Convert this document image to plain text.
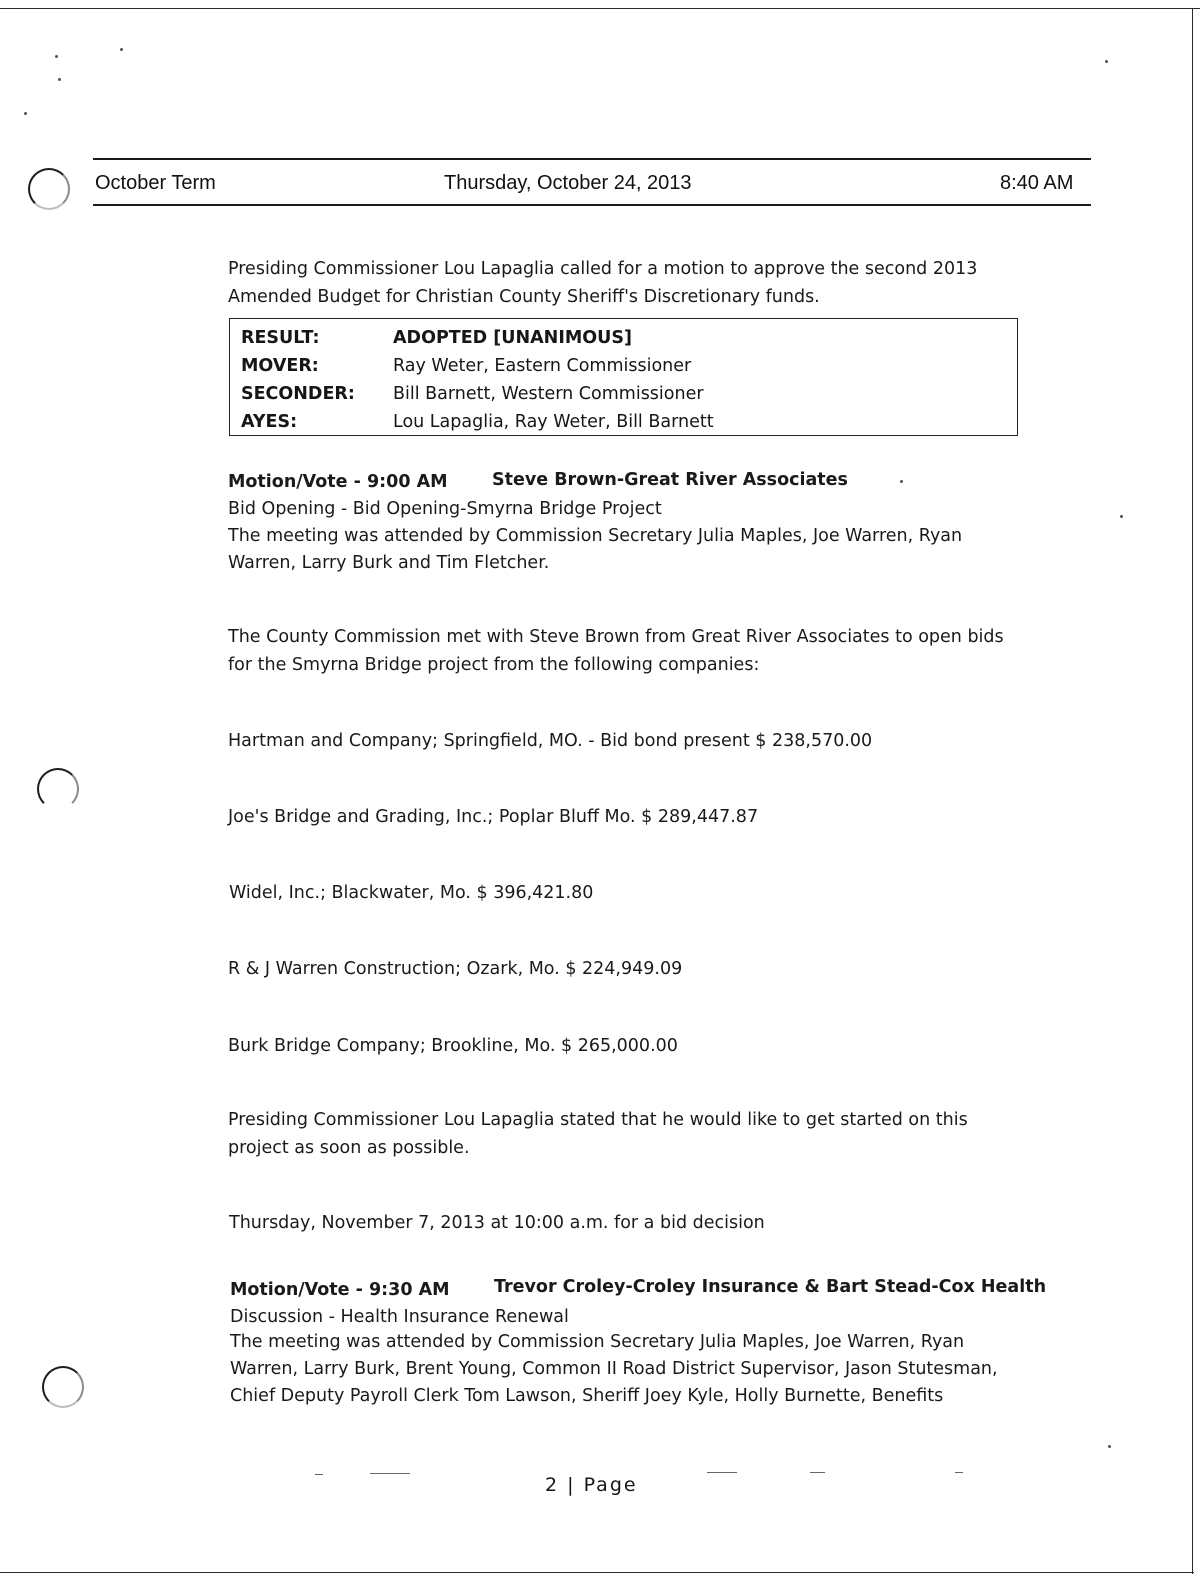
October Term	Thursday, October 24, 2013	8:40 AM
Presiding Commissioner Lou Lapaglia called for a motion to approve the second 2013
Amended Budget for Christian County Sheriff's Discretionary funds.
RESULT:	ADOPTED [UNANIMOUS]
MOVER:	Ray Weter, Eastern Commissioner
SECONDER: Bill Barnett, Western Commissioner
AYES:	Lou Lapaglia, Ray Weter, Bill Barnett
Motion/Vote - 9:00 AM	Steve Brown-Great River Associates
Bid Opening - Bid Opening-Smyrna Bridge Project
The meeting was attended by Commission Secretary Julia Maples, Joe Warren, Ryan
Warren, Larry Burk and Tim Fletcher.
The County Commission met with Steve Brown from Great River Associates to open bids
for the Smyrna Bridge project from the following companies:
Hartman and Company; Springfield, MO. - Bid bond present $ 238,570.00
Joe's Bridge and Grading, Inc.; Poplar Bluff Mo. $ 289,447.87
Widel, Inc.; Blackwater, Mo. $ 396,421.80
R & J Warren Construction; Ozark, Mo. $ 224,949.09
Burk Bridge Company; Brookline, Mo. $ 265,000.00
Presiding Commissioner Lou Lapaglia stated that he would like to get started on this
project as soon as possible.
Thursday, November 7, 2013 at 10:00 a.m. for a bid decision
Motion/Vote - 9:30 AM	Trevor Croley-Croley Insurance & Bart Stead-Cox Health
Discussion - Health Insurance Renewal
The meeting was attended by Commission Secretary Julia Maples, Joe Warren, Ryan
Warren, Larry Burk, Brent Young, Common II Road District Supervisor, Jason Stutesman,
Chief Deputy Payroll Clerk Tom Lawson, Sheriff Joey Kyle, Holly Burnette, Benefits
2 | Page
